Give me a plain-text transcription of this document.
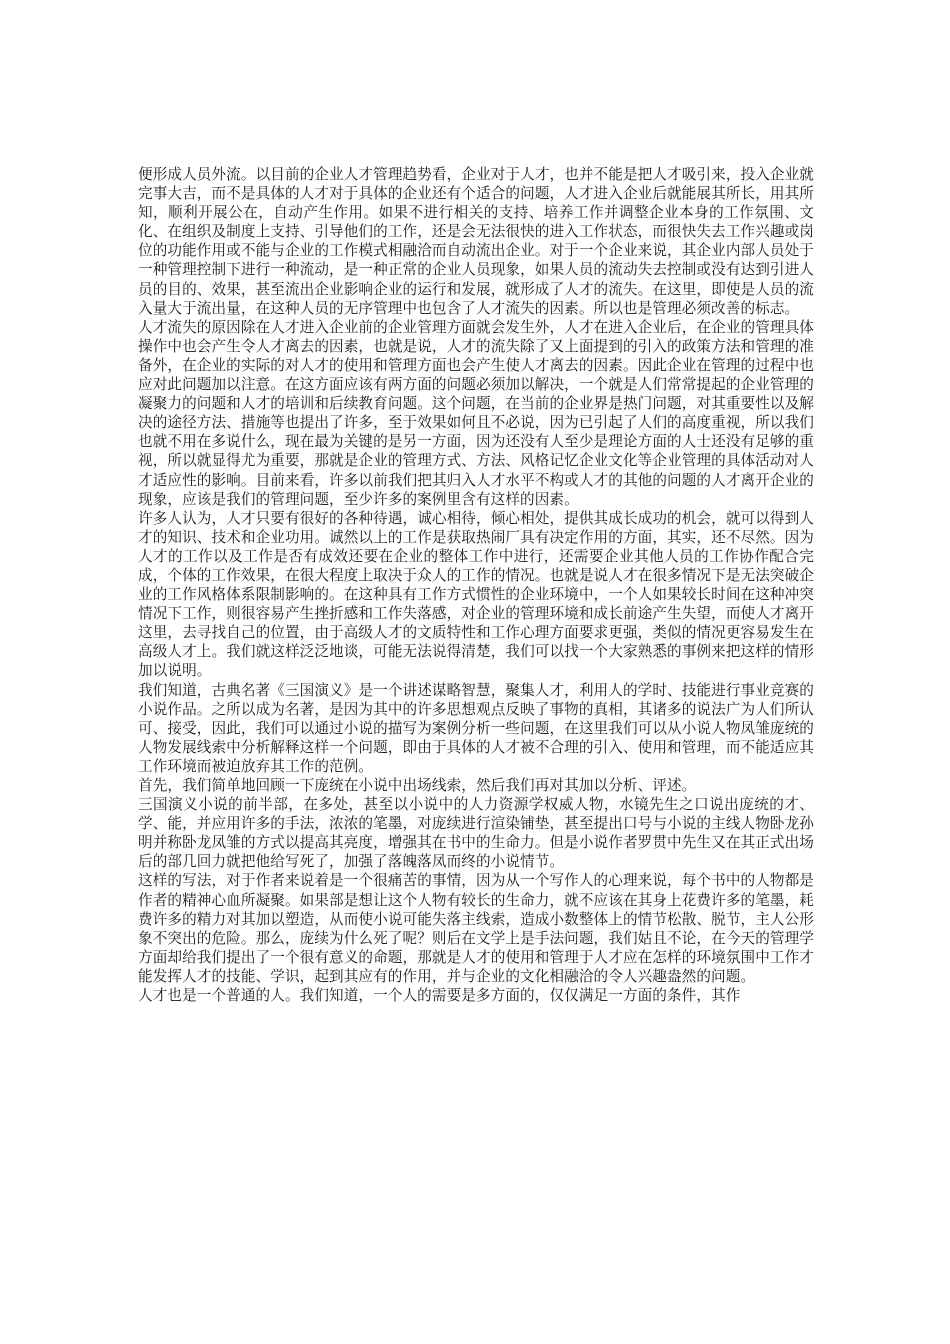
便形成人员外流。以目前的企业人才管理趋势看，企业对于人才，也并不能是把人才吸引来，投入企业就完事大吉，而不是具体的人才对于具体的企业还有个适合的问题，人才进入企业后就能展其所长，用其所知，顺利开展公在，自动产生作用。如果不进行相关的支持、培养工作并调整企业本身的工作氛围、文化、在组织及制度上支持、引导他们的工作，还是会无法很快的进入工作状态，而很快失去工作兴趣或岗位的功能作用或不能与企业的工作模式相融洽而自动流出企业。对于一个企业来说，其企业内部人员处于一种管理控制下进行一种流动，是一种正常的企业人员现象，如果人员的流动失去控制或没有达到引进人员的目的、效果，甚至流出企业影响企业的运行和发展，就形成了人才的流失。在这里，即使是人员的流入量大于流出量，在这种人员的无序管理中也包含了人才流失的因素。所以也是管理必须改善的标志。

人才流失的原因除在人才进入企业前的企业管理方面就会发生外，人才在进入企业后，在企业的管理具体操作中也会产生令人才离去的因素，也就是说，人才的流失除了又上面提到的引入的政策方法和管理的准备外，在企业的实际的对人才的使用和管理方面也会产生使人才离去的因素。因此企业在管理的过程中也应对此问题加以注意。在这方面应该有两方面的问题必须加以解决，一个就是人们常常提起的企业管理的凝聚力的问题和人才的培训和后续教育问题。这个问题，在当前的企业界是热门问题，对其重要性以及解决的途径方法、措施等也提出了许多，至于效果如何且不必说，因为已引起了人们的高度重视，所以我们也就不用在多说什么，现在最为关键的是另一方面，因为还没有人至少是理论方面的人士还没有足够的重视，所以就显得尤为重要，那就是企业的管理方式、方法、风格记忆企业文化等企业管理的具体活动对人才适应性的影响。目前来看，许多以前我们把其归入人才水平不构或人才的其他的问题的人才离开企业的现象，应该是我们的管理问题，至少许多的案例里含有这样的因素。

许多人认为，人才只要有很好的各种待遇，诚心相待，倾心相处，提供其成长成功的机会，就可以得到人才的知识、技术和企业功用。诚然以上的工作是获取热闹厂具有决定作用的方面，其实，还不尽然。因为人才的工作以及工作是否有成效还要在企业的整体工作中进行，还需要企业其他人员的工作协作配合完成，个体的工作效果，在很大程度上取决于众人的工作的情况。也就是说人才在很多情况下是无法突破企业的工作风格体系限制影响的。在这种具有工作方式惯性的企业环境中，一个人如果较长时间在这种冲突情况下工作，则很容易产生挫折感和工作失落感，对企业的管理环境和成长前途产生失望，而使人才离开这里，去寻找自己的位置，由于高级人才的文质特性和工作心理方面要求更强，类似的情况更容易发生在高级人才上。我们就这样泛泛地谈，可能无法说得清楚，我们可以找一个大家熟悉的事例来把这样的情形加以说明。

我们知道，古典名著《三国演义》是一个讲述谋略智慧，聚集人才，利用人的学时、技能进行事业竞赛的小说作品。之所以成为名著，是因为其中的许多思想观点反映了事物的真相，其诸多的说法广为人们所认可、接受，因此，我们可以通过小说的描写为案例分析一些问题，在这里我们可以从小说人物凤雏庞统的人物发展线索中分析解释这样一个问题，即由于具体的人才被不合理的引入、使用和管理，而不能适应其工作环境而被迫放弃其工作的范例。

首先，我们简单地回顾一下庞统在小说中出场线索，然后我们再对其加以分析、评述。

三国演义小说的前半部，在多处，甚至以小说中的人力资源学权威人物，水镜先生之口说出庞统的才、学、能，并应用许多的手法，浓浓的笔墨，对庞续进行渲染铺垫，甚至提出口号与小说的主线人物卧龙孙明并称卧龙凤雏的方式以提高其亮度，增强其在书中的生命力。但是小说作者罗贯中先生又在其正式出场后的部几回力就把他给写死了，加强了落魄落凤而终的小说情节。

这样的写法，对于作者来说着是一个很痛苦的事情，因为从一个写作人的心理来说，每个书中的人物都是作者的精神心血所凝聚。如果部是想让这个人物有较长的生命力，就不应该在其身上花费许多的笔墨，耗费许多的精力对其加以塑造，从而使小说可能失落主线索，造成小数整体上的情节松散、脱节，主人公形象不突出的危险。那么，庞续为什么死了呢？则后在文学上是手法问题，我们姑且不论，在今天的管理学方面却给我们提出了一个很有意义的命题，那就是人才的使用和管理于人才应在怎样的环境氛围中工作才能发挥人才的技能、学识，起到其应有的作用，并与企业的文化相融洽的令人兴趣盎然的问题。

人才也是一个普通的人。我们知道，一个人的需要是多方面的，仅仅满足一方面的条件，其作
